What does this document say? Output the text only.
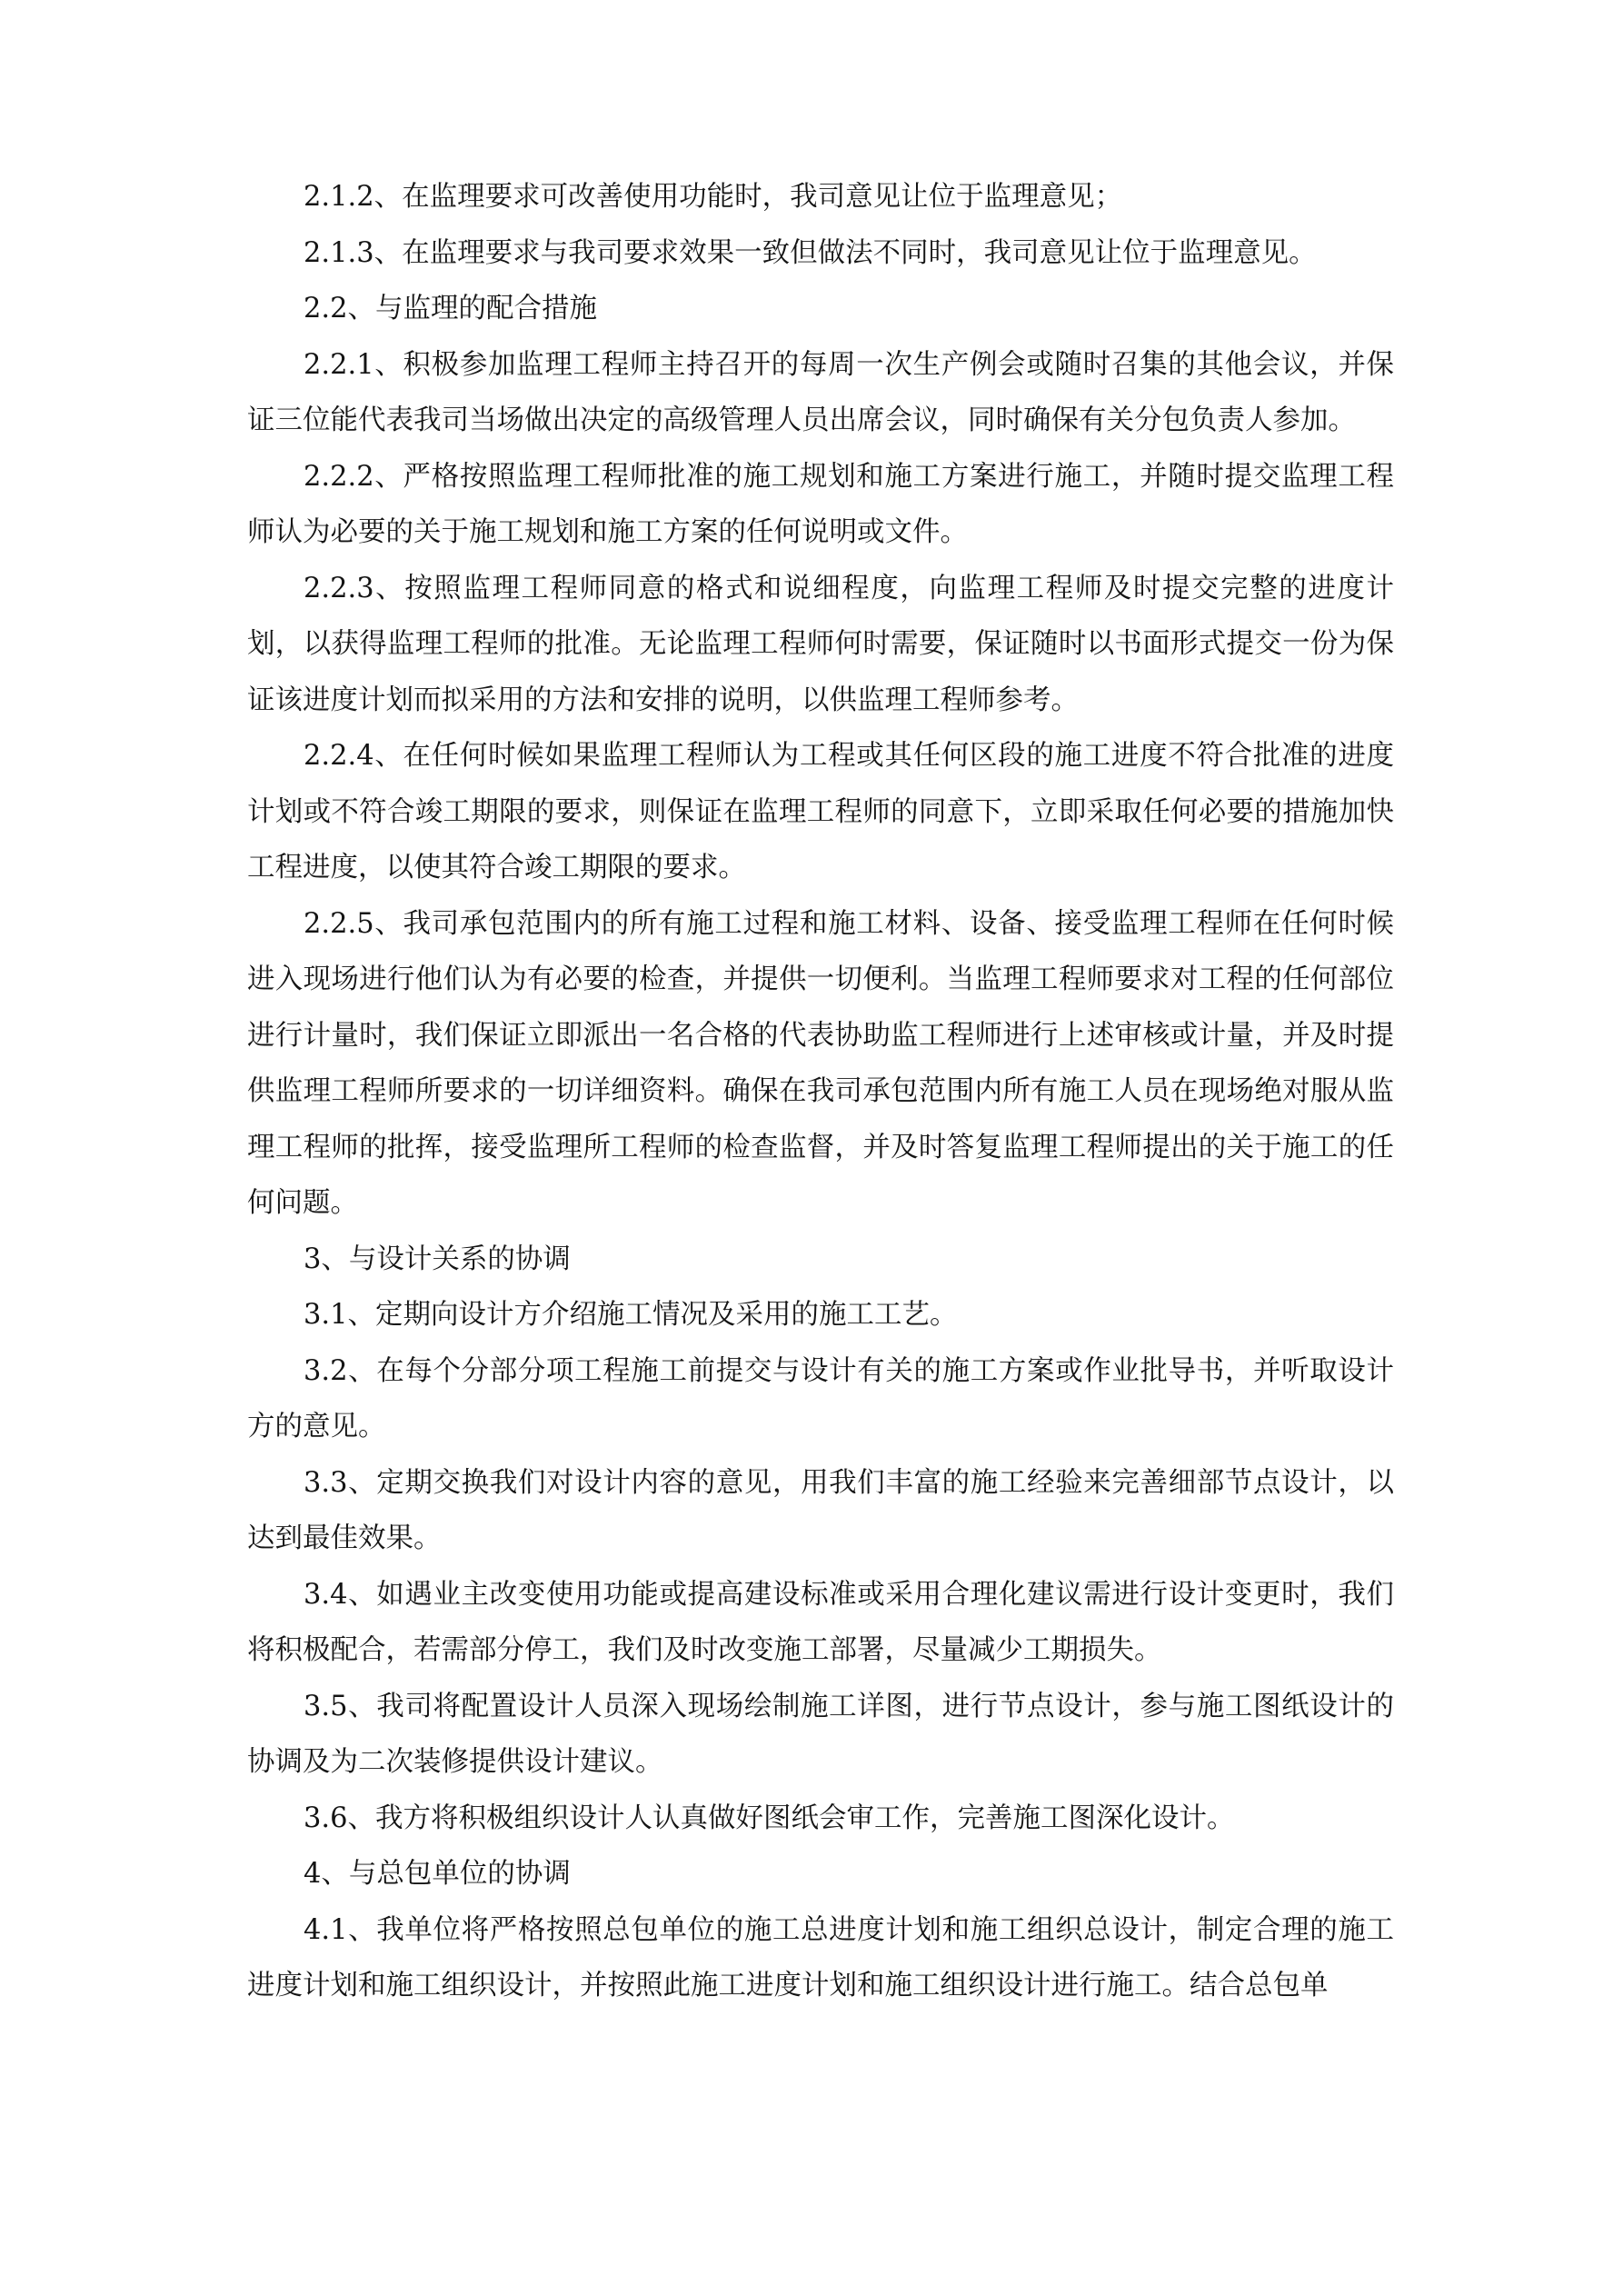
2.1.2、在监理要求可改善使用功能时，我司意见让位于监理意见；

2.1.3、在监理要求与我司要求效果一致但做法不同时，我司意见让位于监理意见。

2.2、与监理的配合措施

2.2.1、积极参加监理工程师主持召开的每周一次生产例会或随时召集的其他会议，并保证三位能代表我司当场做出决定的高级管理人员出席会议，同时确保有关分包负责人参加。

2.2.2、严格按照监理工程师批准的施工规划和施工方案进行施工，并随时提交监理工程师认为必要的关于施工规划和施工方案的任何说明或文件。

2.2.3、按照监理工程师同意的格式和说细程度，向监理工程师及时提交完整的进度计划，以获得监理工程师的批准。无论监理工程师何时需要，保证随时以书面形式提交一份为保证该进度计划而拟采用的方法和安排的说明，以供监理工程师参考。

2.2.4、在任何时候如果监理工程师认为工程或其任何区段的施工进度不符合批准的进度计划或不符合竣工期限的要求，则保证在监理工程师的同意下，立即采取任何必要的措施加快工程进度，以使其符合竣工期限的要求。

2.2.5、我司承包范围内的所有施工过程和施工材料、设备、接受监理工程师在任何时候进入现场进行他们认为有必要的检查，并提供一切便利。当监理工程师要求对工程的任何部位进行计量时，我们保证立即派出一名合格的代表协助监工程师进行上述审核或计量，并及时提供监理工程师所要求的一切详细资料。确保在我司承包范围内所有施工人员在现场绝对服从监理工程师的批挥，接受监理所工程师的检查监督，并及时答复监理工程师提出的关于施工的任何问题。

3、与设计关系的协调

3.1、定期向设计方介绍施工情况及采用的施工工艺。

3.2、在每个分部分项工程施工前提交与设计有关的施工方案或作业批导书，并听取设计方的意见。

3.3、定期交换我们对设计内容的意见，用我们丰富的施工经验来完善细部节点设计，以达到最佳效果。

3.4、如遇业主改变使用功能或提高建设标准或采用合理化建议需进行设计变更时，我们将积极配合，若需部分停工，我们及时改变施工部署，尽量减少工期损失。

3.5、我司将配置设计人员深入现场绘制施工详图，进行节点设计，参与施工图纸设计的协调及为二次装修提供设计建议。

3.6、我方将积极组织设计人认真做好图纸会审工作，完善施工图深化设计。

4、与总包单位的协调

4.1、我单位将严格按照总包单位的施工总进度计划和施工组织总设计，制定合理的施工进度计划和施工组织设计，并按照此施工进度计划和施工组织设计进行施工。结合总包单
